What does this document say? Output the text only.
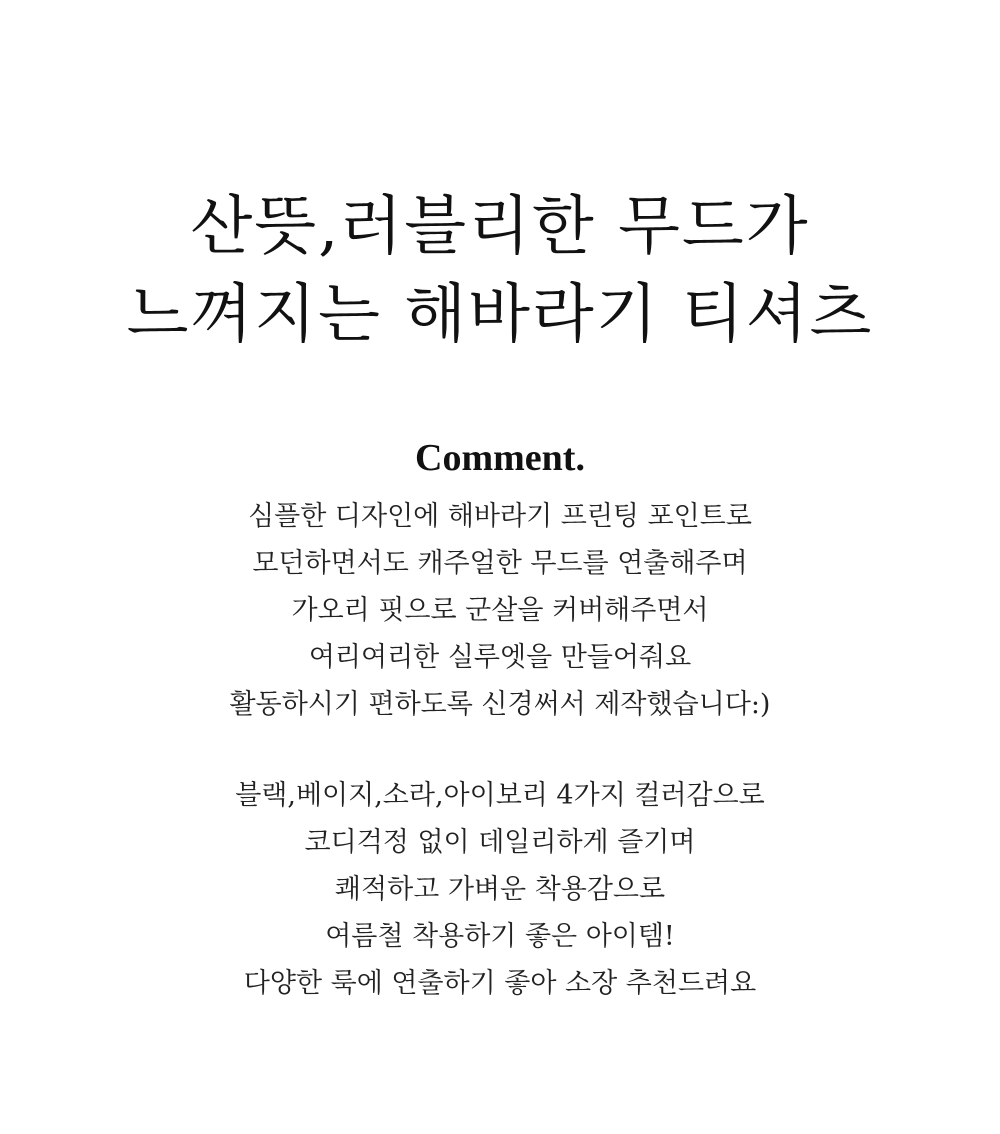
산뜻,러블리한 무드가
느껴지는 해바라기 티셔츠
Comment.
심플한 디자인에 해바라기 프린팅 포인트로
모던하면서도 캐주얼한 무드를 연출해주며
가오리 핏으로 군살을 커버해주면서
여리여리한 실루엣을 만들어줘요
활동하시기 편하도록 신경써서 제작했습니다:)
블랙,베이지,소라,아이보리 4가지 컬러감으로
코디걱정 없이 데일리하게 즐기며
쾌적하고 가벼운 착용감으로
여름철 착용하기 좋은 아이템!
다양한 룩에 연출하기 좋아 소장 추천드려요
